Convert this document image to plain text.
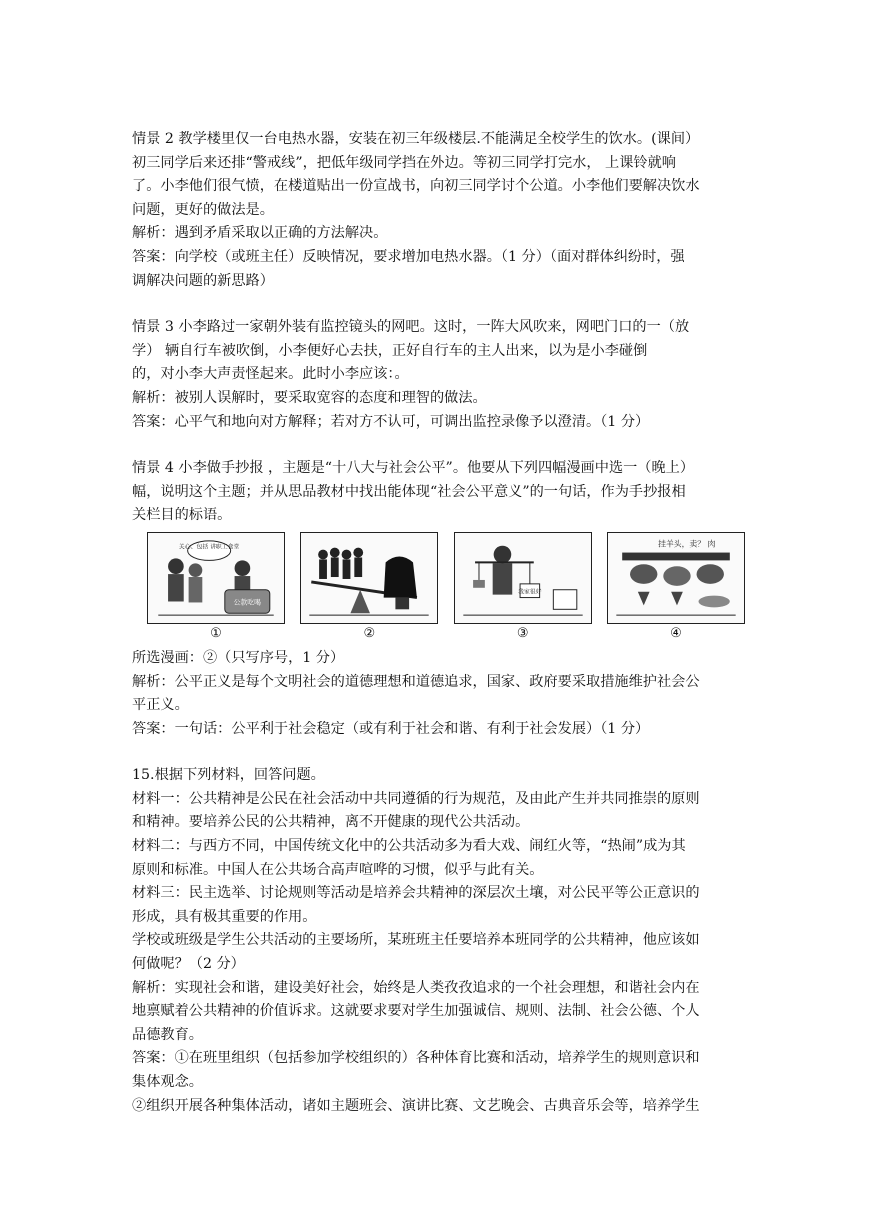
情景 2 教学楼里仅一台电热水器，安装在初三年级楼层.不能满足全校学生的饮水。(课间）
初三同学后来还排“警戒线”，把低年级同学挡在外边。等初三同学打完水， 上课铃就响
了。小李他们很气愤，在楼道贴出一份宣战书，向初三同学讨个公道。小李他们要解决饮水
问题，更好的做法是。

解析：遇到矛盾采取以正确的方法解决。

答案：向学校（或班主任）反映情况，要求增加电热水器。（1 分）（面对群体纠纷时，强
调解决问题的新思路）

情景 3 小李路过一家朝外装有监控镜头的网吧。这时，一阵大风吹来，网吧门口的一（放
学） 辆自行车被吹倒，小李便好心去扶，正好自行车的主人出来，以为是小李碰倒
的，对小李大声责怪起来。此时小李应该：。

解析：被别人误解时，要采取宽容的态度和理智的做法。

答案：心平气和地向对方解释；若对方不认可，可调出监控录像予以澄清。（1 分）

情景 4 小李做手抄报 ，主题是“十八大与社会公平”。他要从下列四幅漫画中选一（晚上）
幅，说明这个主题；并从思品教材中找出能体现“社会公平意义”的一句话，作为手抄报相
关栏目的标语。

关心、包括 讲职工食堂
公款吃喝
①	②
我家很好
③
挂羊头，卖？ 肉
④

所选漫画：②（只写序号，1 分）

解析：公平正义是每个文明社会的道德理想和道德追求，国家、政府要采取措施维护社会公
平正义。

答案：一句话：公平利于社会稳定（或有利于社会和谐、有利于社会发展）（1 分）

15.根据下列材料，回答问题。

材料一：公共精神是公民在社会活动中共同遵循的行为规范，及由此产生并共同推崇的原则
和精神。要培养公民的公共精神，离不开健康的现代公共活动。

材料二：与西方不同，中国传统文化中的公共活动多为看大戏、闹红火等，“热闹”成为其
原则和标准。中国人在公共场合高声喧哗的习惯，似乎与此有关。

材料三：民主选举、讨论规则等活动是培养会共精神的深层次土壤，对公民平等公正意识的
形成，具有极其重要的作用。

学校或班级是学生公共活动的主要场所，某班班主任要培养本班同学的公共精神，他应该如
何做呢？（2 分）

解析：实现社会和谐，建设美好社会，始终是人类孜孜追求的一个社会理想，和谐社会内在
地禀赋着公共精神的价值诉求。这就要求要对学生加强诚信、规则、法制、社会公德、个人
品德教育。

答案：①在班里组织（包括参加学校组织的）各种体育比赛和活动，培养学生的规则意识和
集体观念。
②组织开展各种集体活动，诸如主题班会、演讲比赛、文艺晚会、古典音乐会等，培养学生
